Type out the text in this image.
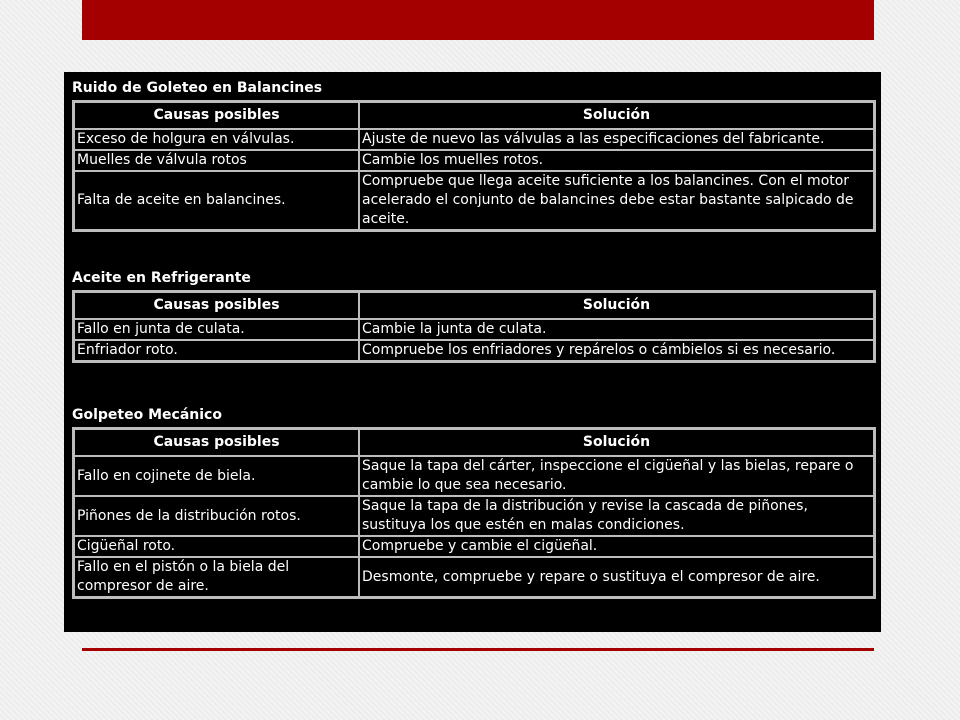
Ruido de Goleteo en Balancines
Causas posibles	Solución
Exceso de holgura en válvulas.	Ajuste de nuevo las válvulas a las especificaciones del fabricante.
Muelles de válvula rotos	Cambie los muelles rotos.
Falta de aceite en balancines.	Compruebe que llega aceite suficiente a los balancines. Con el motor acelerado el conjunto de balancines debe estar bastante salpicado de aceite.
Aceite en Refrigerante
Causas posibles	Solución
Fallo en junta de culata.	Cambie la junta de culata.
Enfriador roto.	Compruebe los enfriadores y repárelos o cámbielos si es necesario.
Golpeteo Mecánico
Causas posibles	Solución
Fallo en cojinete de biela.	Saque la tapa del cárter, inspeccione el cigüeñal y las bielas, repare o cambie lo que sea necesario.
Piñones de la distribución rotos.	Saque la tapa de la distribución y revise la cascada de piñones, sustituya los que estén en malas condiciones.
Cigüeñal roto.	Compruebe y cambie el cigüeñal.
Fallo en el pistón o la biela del compresor de aire.	Desmonte, compruebe y repare o sustituya el compresor de aire.
